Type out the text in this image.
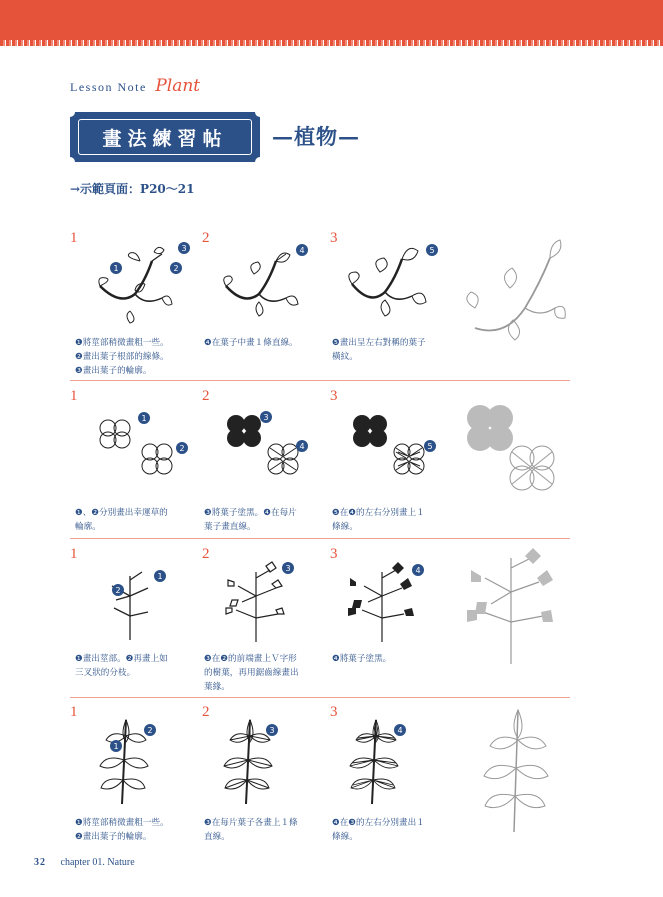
Lesson Note Plant
畫法練習帖 —植物—
→示範頁面：P20～21
1	2	3
1	2	3
1	2	3
1	2	3
3
2
1
4	5
❶將莖部稍微畫粗一些。
❷畫出葉子根部的線條。
❸畫出葉子的輪廓。
❹在葉子中畫１條直線。	❺畫出呈左右對稱的葉子
橫紋。
1
2
3
4	5
❶、❷分別畫出幸運草的
輪廓。
❸將葉子塗黑。❹在每片
葉子畫直線。
❺在❹的左右分別畫上１
條線。
1
2
3	4
❶畫出莖部。❷再畫上如
三叉狀的分枝。
❸在❷的前端畫上Ｖ字形
的樹葉，再用鋸齒線畫出
葉緣。
❹將葉子塗黑。
2
1
3	4
❶將莖部稍微畫粗一些。
❷畫出葉子的輪廓。
❸在每片葉子各畫上１條
直線。
❹在❸的左右分別畫出１
條線。
32 chapter 01. Nature
